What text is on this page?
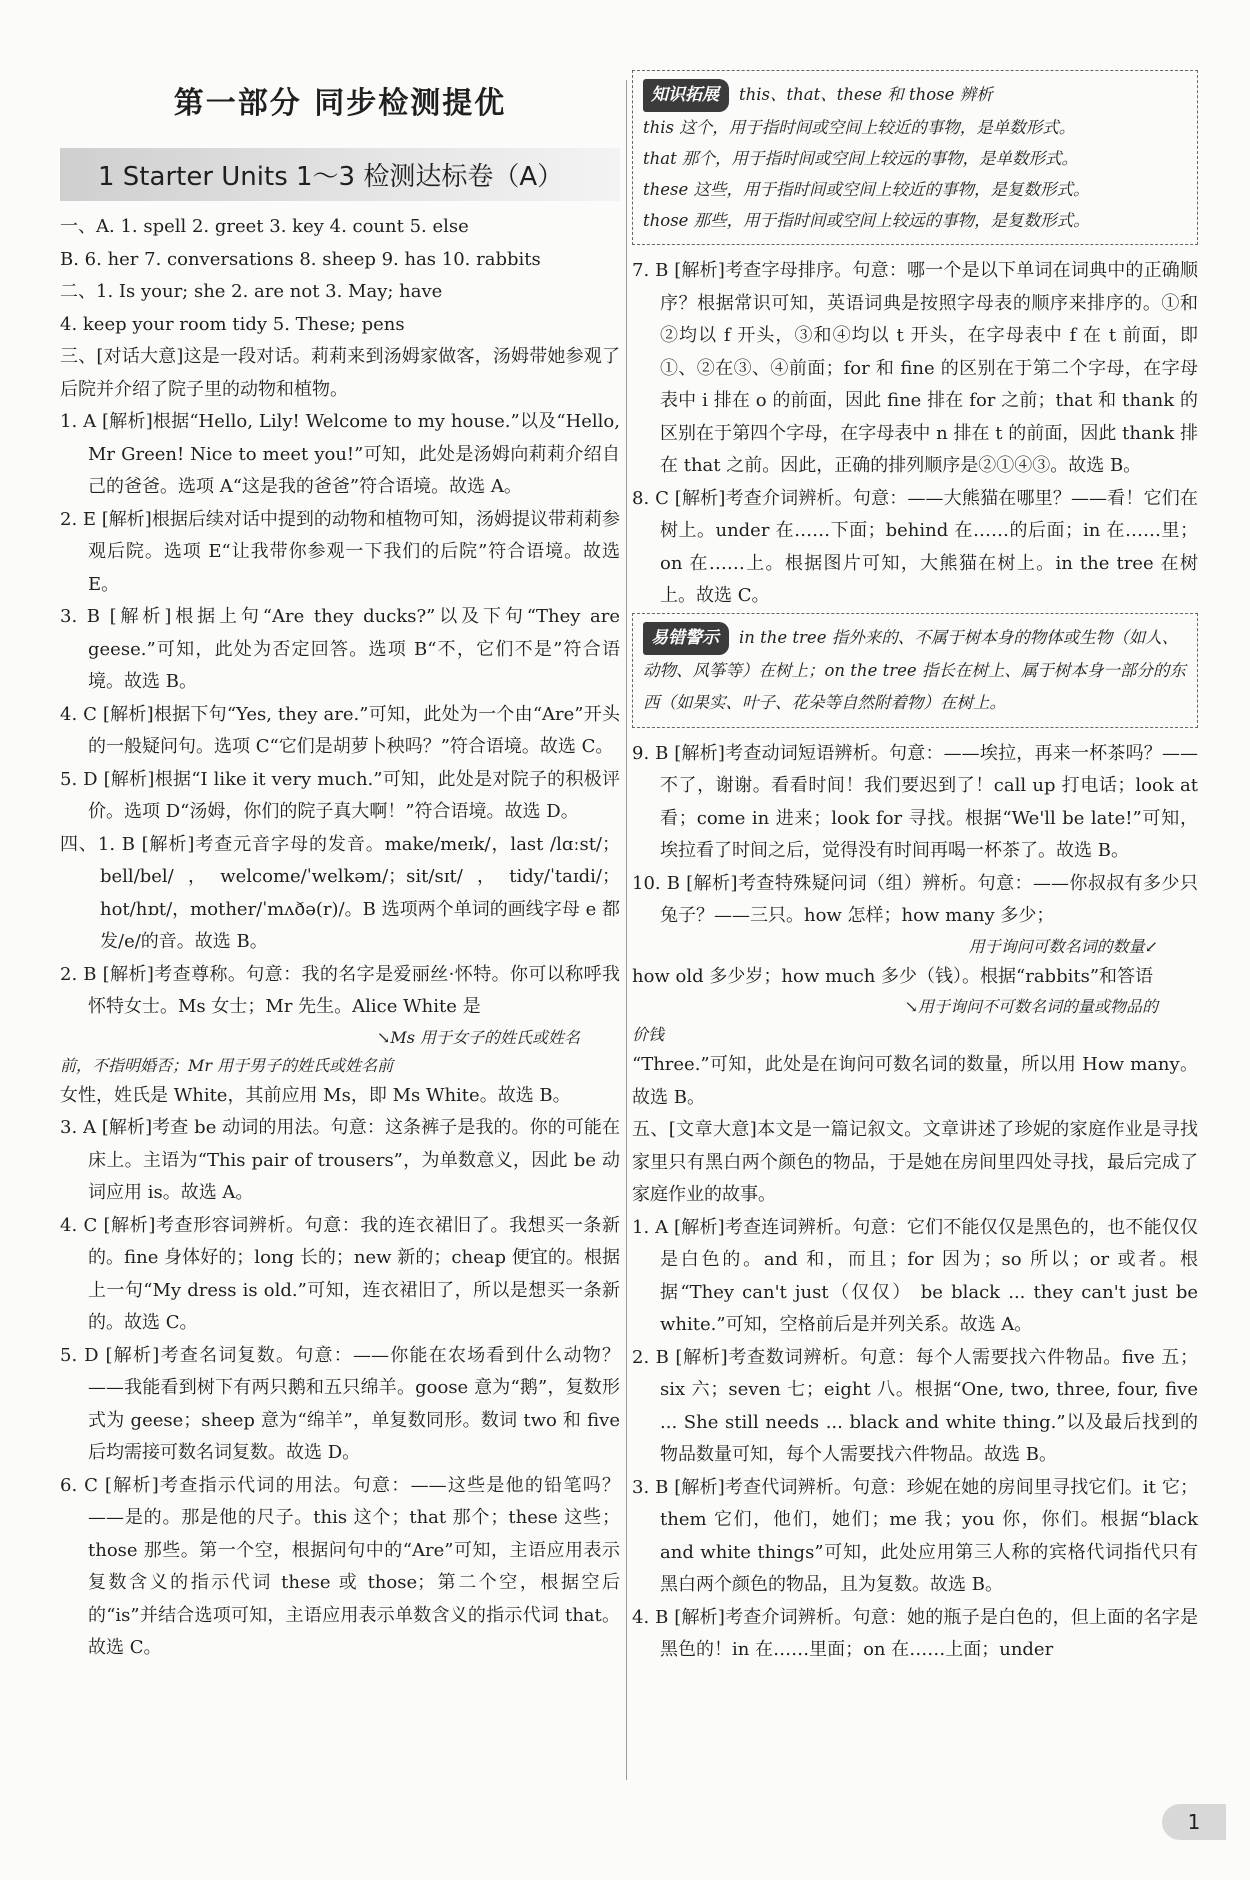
第一部分 同步检测提优
1 Starter Units 1～3 检测达标卷（A）
一、A. 1. spell 2. greet 3. key 4. count 5. else
B. 6. her 7. conversations 8. sheep 9. has 10. rabbits
二、1. Is your; she 2. are not 3. May; have
4. keep your room tidy 5. These; pens
三、[对话大意]这是一段对话。莉莉来到汤姆家做客，汤姆带她参观了后院并介绍了院子里的动物和植物。
1. A [解析]根据“Hello, Lily! Welcome to my house.”以及“Hello, Mr Green! Nice to meet you!”可知，此处是汤姆向莉莉介绍自己的爸爸。选项 A“这是我的爸爸”符合语境。故选 A。
2. E [解析]根据后续对话中提到的动物和植物可知，汤姆提议带莉莉参观后院。选项 E“让我带你参观一下我们的后院”符合语境。故选 E。
3. B [解析]根据上句“Are they ducks?”以及下句“They are geese.”可知，此处为否定回答。选项 B“不，它们不是”符合语境。故选 B。
4. C [解析]根据下句“Yes, they are.”可知，此处为一个由“Are”开头的一般疑问句。选项 C“它们是胡萝卜秧吗？”符合语境。故选 C。
5. D [解析]根据“I like it very much.”可知，此处是对院子的积极评价。选项 D“汤姆，你们的院子真大啊！”符合语境。故选 D。
四、1. B [解析]考查元音字母的发音。make/meɪk/，last /lɑːst/；bell/bel/，welcome/ˈwelkəm/；sit/sɪt/，tidy/ˈtaɪdi/；hot/hɒt/，mother/ˈmʌðə(r)/。B 选项两个单词的画线字母 e 都发/e/的音。故选 B。
2. B [解析]考查尊称。句意：我的名字是爱丽丝·怀特。你可以称呼我怀特女士。Ms 女士；Mr 先生。Alice White 是
↘Ms 用于女子的姓氏或姓名
前，不指明婚否；Mr 用于男子的姓氏或姓名前
女性，姓氏是 White，其前应用 Ms，即 Ms White。故选 B。
3. A [解析]考查 be 动词的用法。句意：这条裤子是我的。你的可能在床上。主语为“This pair of trousers”，为单数意义，因此 be 动词应用 is。故选 A。
4. C [解析]考查形容词辨析。句意：我的连衣裙旧了。我想买一条新的。fine 身体好的；long 长的；new 新的；cheap 便宜的。根据上一句“My dress is old.”可知，连衣裙旧了，所以是想买一条新的。故选 C。
5. D [解析]考查名词复数。句意：——你能在农场看到什么动物？——我能看到树下有两只鹅和五只绵羊。goose 意为“鹅”，复数形式为 geese；sheep 意为“绵羊”，单复数同形。数词 two 和 five 后均需接可数名词复数。故选 D。
6. C [解析]考查指示代词的用法。句意：——这些是他的铅笔吗？——是的。那是他的尺子。this 这个；that 那个；these 这些；those 那些。第一个空，根据问句中的“Are”可知，主语应用表示复数含义的指示代词 these 或 those；第二个空，根据空后的“is”并结合选项可知，主语应用表示单数含义的指示代词 that。故选 C。
知识拓展 this、that、these 和 those 辨析
this 这个，用于指时间或空间上较近的事物，是单数形式。
that 那个，用于指时间或空间上较远的事物，是单数形式。
these 这些，用于指时间或空间上较近的事物，是复数形式。
those 那些，用于指时间或空间上较远的事物，是复数形式。
7. B [解析]考查字母排序。句意：哪一个是以下单词在词典中的正确顺序？根据常识可知，英语词典是按照字母表的顺序来排序的。①和②均以 f 开头，③和④均以 t 开头，在字母表中 f 在 t 前面，即①、②在③、④前面；for 和 fine 的区别在于第二个字母，在字母表中 i 排在 o 的前面，因此 fine 排在 for 之前；that 和 thank 的区别在于第四个字母，在字母表中 n 排在 t 的前面，因此 thank 排在 that 之前。因此，正确的排列顺序是②①④③。故选 B。
8. C [解析]考查介词辨析。句意：——大熊猫在哪里？——看！它们在树上。under 在……下面；behind 在……的后面；in 在……里；on 在……上。根据图片可知，大熊猫在树上。in the tree 在树上。故选 C。
易错警示 in the tree 指外来的、不属于树本身的物体或生物（如人、动物、风筝等）在树上；on the tree 指长在树上、属于树本身一部分的东西（如果实、叶子、花朵等自然附着物）在树上。
9. B [解析]考查动词短语辨析。句意：——埃拉，再来一杯茶吗？——不了，谢谢。看看时间！我们要迟到了！call up 打电话；look at 看；come in 进来；look for 寻找。根据“We'll be late!”可知，埃拉看了时间之后，觉得没有时间再喝一杯茶了。故选 B。
10. B [解析]考查特殊疑问词（组）辨析。句意：——你叔叔有多少只兔子？——三只。how 怎样；how many 多少；
用于询问可数名词的数量↙
how old 多少岁；how much 多少（钱）。根据“rabbits”和答语
↘用于询问不可数名词的量或物品的
价钱
“Three.”可知，此处是在询问可数名词的数量，所以用 How many。故选 B。
五、[文章大意]本文是一篇记叙文。文章讲述了珍妮的家庭作业是寻找家里只有黑白两个颜色的物品，于是她在房间里四处寻找，最后完成了家庭作业的故事。
1. A [解析]考查连词辨析。句意：它们不能仅仅是黑色的，也不能仅仅是白色的。and 和，而且；for 因为；so 所以；or 或者。根据“They can't just（仅仅） be black ... they can't just be white.”可知，空格前后是并列关系。故选 A。
2. B [解析]考查数词辨析。句意：每个人需要找六件物品。five 五；six 六；seven 七；eight 八。根据“One, two, three, four, five ... She still needs ... black and white thing.”以及最后找到的物品数量可知，每个人需要找六件物品。故选 B。
3. B [解析]考查代词辨析。句意：珍妮在她的房间里寻找它们。it 它；them 它们，他们，她们；me 我；you 你，你们。根据“black and white things”可知，此处应用第三人称的宾格代词指代只有黑白两个颜色的物品，且为复数。故选 B。
4. B [解析]考查介词辨析。句意：她的瓶子是白色的，但上面的名字是黑色的！in 在……里面；on 在……上面；under
1
